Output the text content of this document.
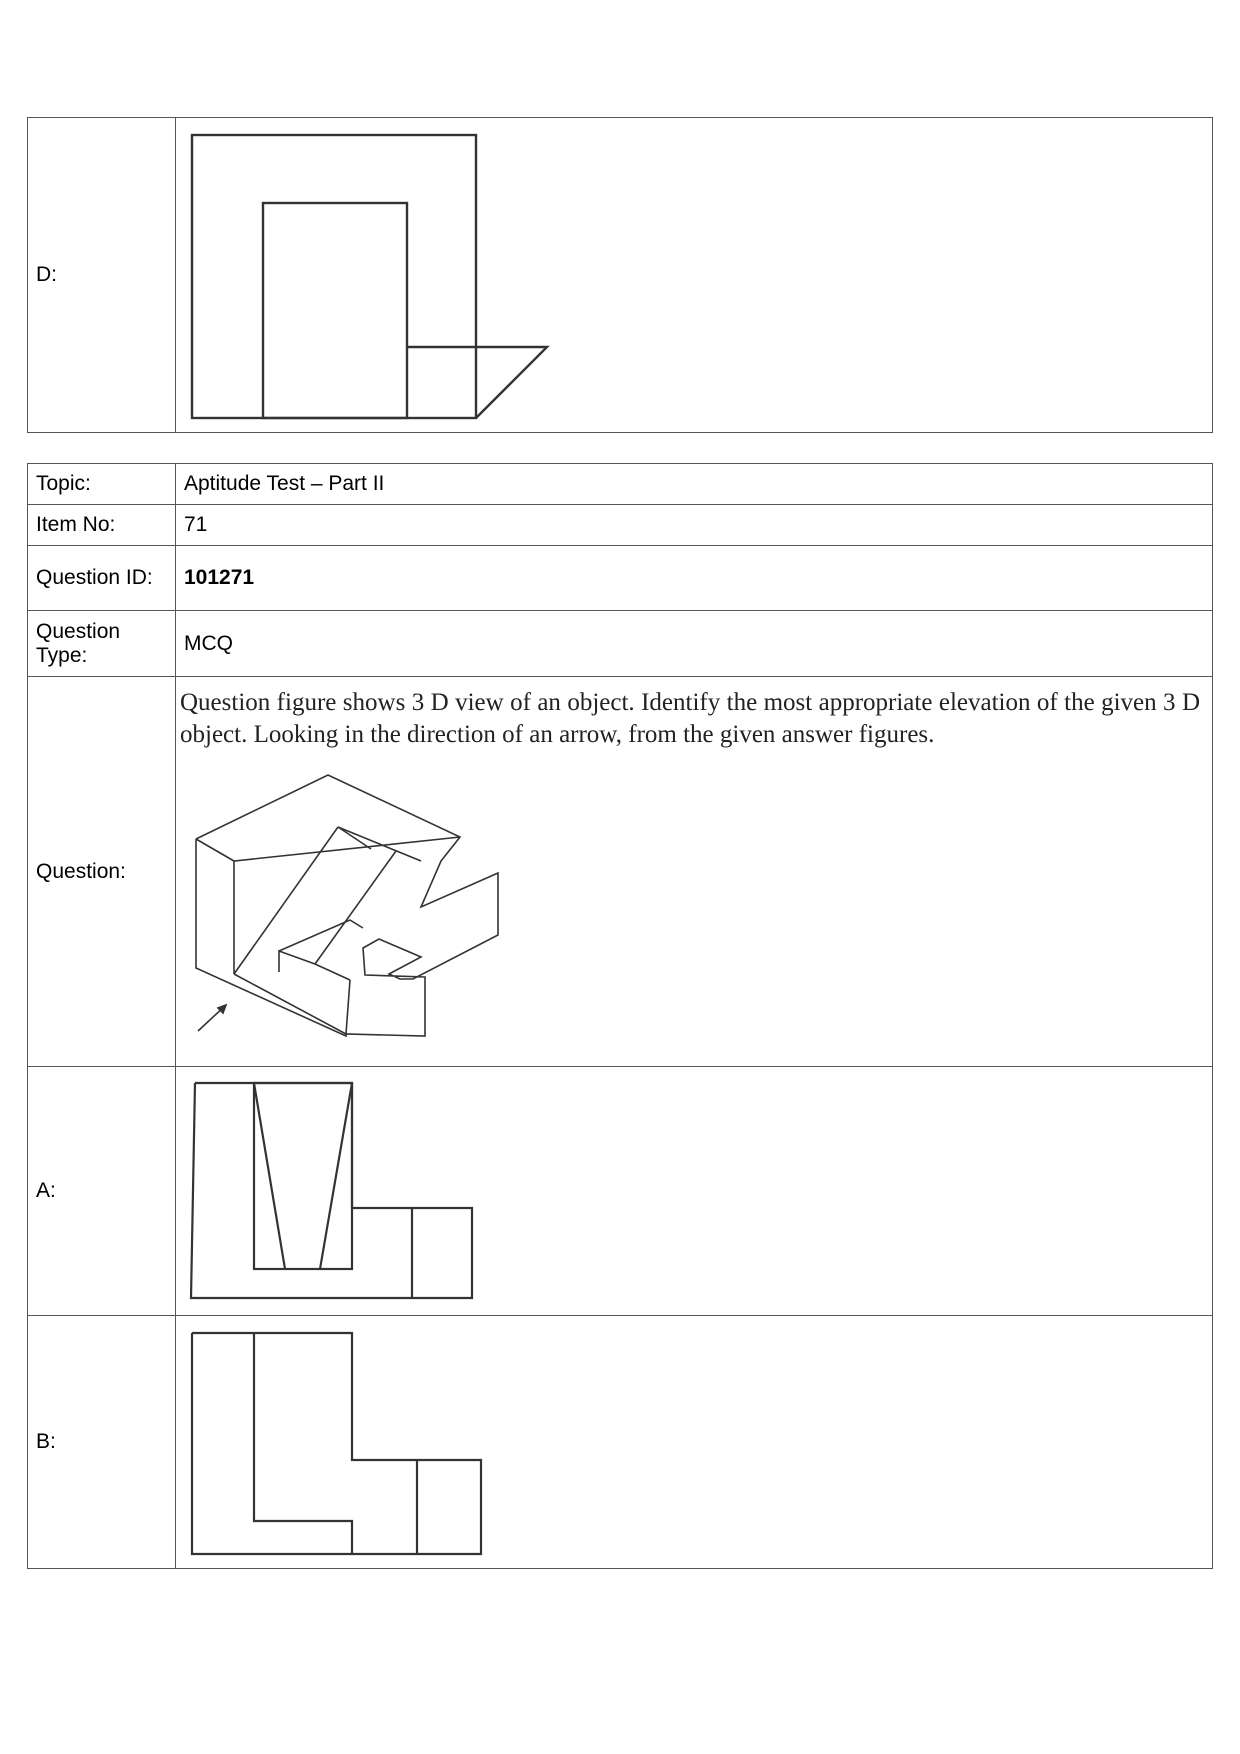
D:	
Topic:	Aptitude Test – Part II
Item No:	71
Question ID:	101271
Question Type:	MCQ
Question:	Question figure shows 3 D view of an object. Identify the most appropriate elevation of the given 3 D object. Looking in the direction of an arrow, from the given answer figures.

A:	

B:	
